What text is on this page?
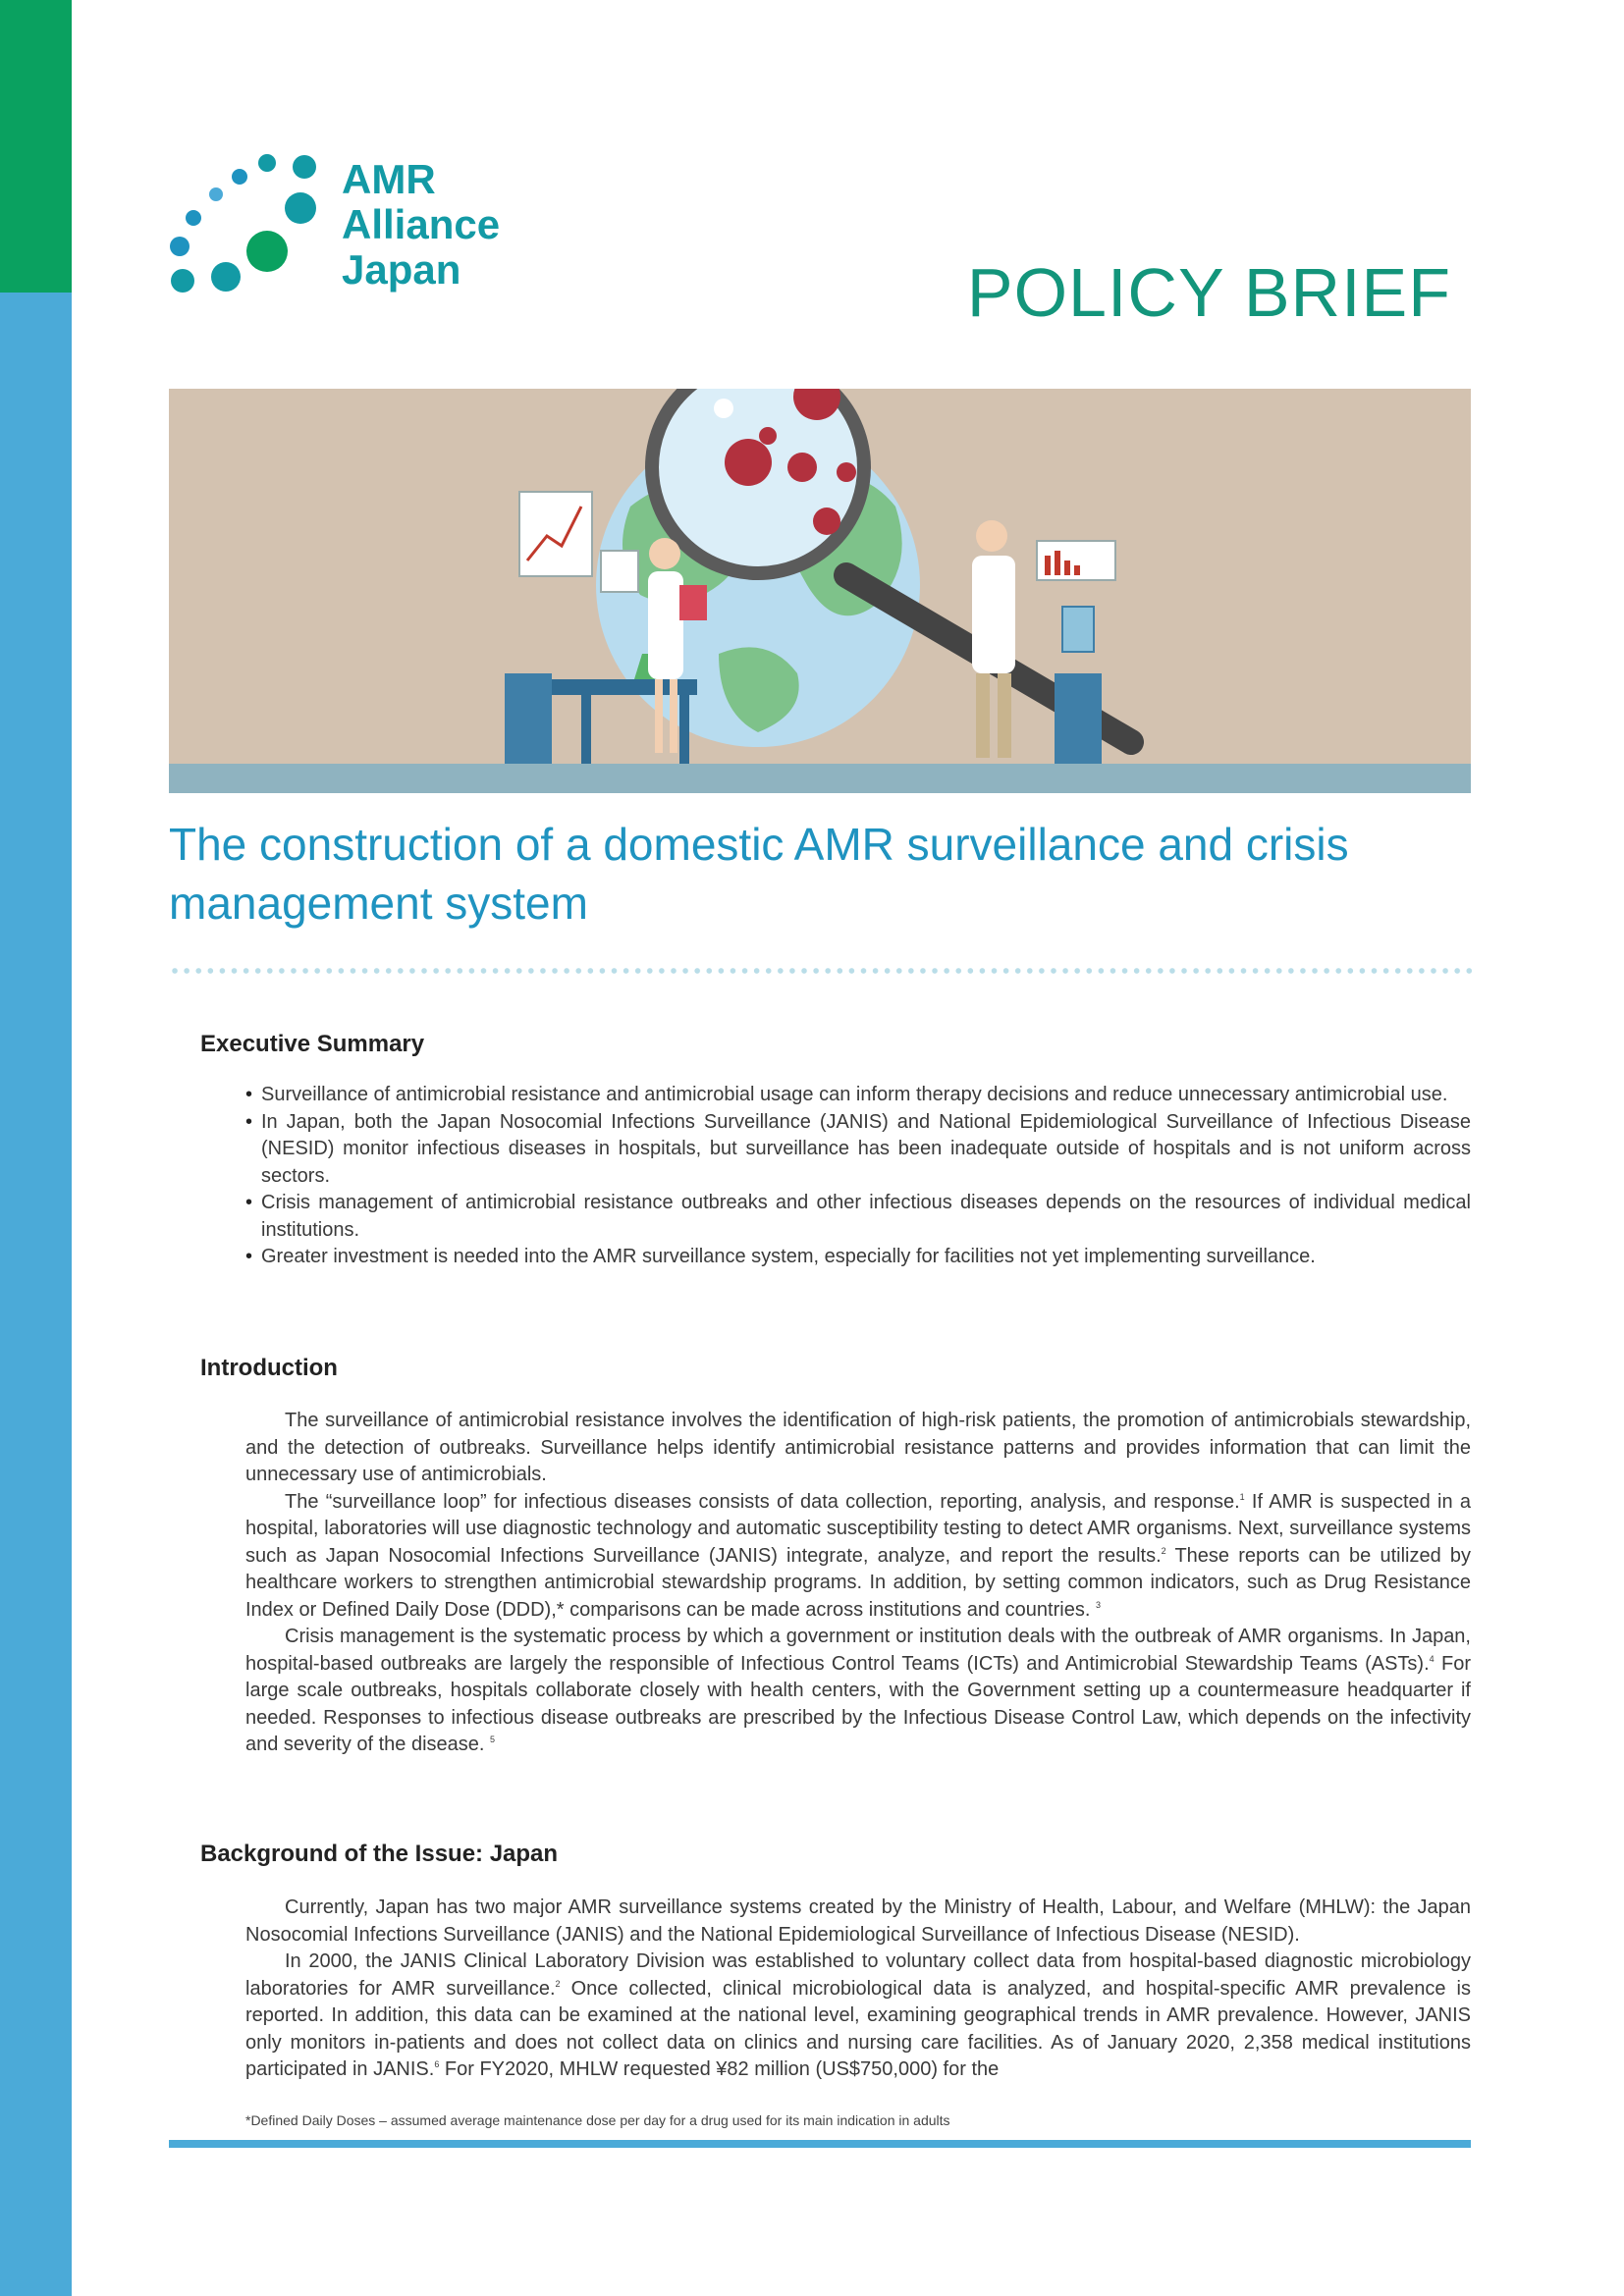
AMR
Alliance
Japan	POLICY BRIEF
The construction of a domestic AMR surveillance and crisis management system
Executive Summary
• Surveillance of antimicrobial resistance and antimicrobial usage can inform therapy decisions and reduce unnecessary antimicrobial use.
• In Japan, both the Japan Nosocomial Infections Surveillance (JANIS) and National Epidemiological Surveillance of Infectious Disease (NESID) monitor infectious diseases in hospitals, but surveillance has been inadequate outside of hospitals and is not uniform across sectors.
• Crisis management of antimicrobial resistance outbreaks and other infectious diseases depends on the resources of individual medical institutions.
• Greater investment is needed into the AMR surveillance system, especially for facilities not yet implementing surveillance.
Introduction

The surveillance of antimicrobial resistance involves the identification of high-risk patients, the promotion of antimicrobials stewardship, and the detection of outbreaks. Surveillance helps identify antimicrobial resistance patterns and provides information that can limit the unnecessary use of antimicrobials.

The “surveillance loop” for infectious diseases consists of data collection, reporting, analysis, and response.$^1$ If AMR is suspected in a hospital, laboratories will use diagnostic technology and automatic susceptibility testing to detect AMR organisms. Next, surveillance systems such as Japan Nosocomial Infections Surveillance (JANIS) integrate, analyze, and report the results.$^2$ These reports can be utilized by healthcare workers to strengthen antimicrobial stewardship programs. In addition, by setting common indicators, such as Drug Resistance Index or Defined Daily Dose (DDD),* comparisons can be made across institutions and countries. $^3$

Crisis management is the systematic process by which a government or institution deals with the outbreak of AMR organisms. In Japan, hospital-based outbreaks are largely the responsible of Infectious Control Teams (ICTs) and Antimicrobial Stewardship Teams (ASTs).$^4$ For large scale outbreaks, hospitals collaborate closely with health centers, with the Government setting up a countermeasure headquarter if needed. Responses to infectious disease outbreaks are prescribed by the Infectious Disease Control Law, which depends on the infectivity and severity of the disease. $^5$

Background of the Issue: Japan

Currently, Japan has two major AMR surveillance systems created by the Ministry of Health, Labour, and Welfare (MHLW): the Japan Nosocomial Infections Surveillance (JANIS) and the National Epidemiological Surveillance of Infectious Disease (NESID).

In 2000, the JANIS Clinical Laboratory Division was established to voluntary collect data from hospital-based diagnostic microbiology laboratories for AMR surveillance.$^2$ Once collected, clinical microbiological data is analyzed, and hospital-specific AMR prevalence is reported. In addition, this data can be examined at the national level, examining geographical trends in AMR prevalence. However, JANIS only monitors in-patients and does not collect data on clinics and nursing care facilities. As of January 2020, 2,358 medical institutions participated in JANIS.$^6$ For FY2020, MHLW requested ¥82 million (US$750,000) for the

*Defined Daily Doses – assumed average maintenance dose per day for a drug used for its main indication in adults
